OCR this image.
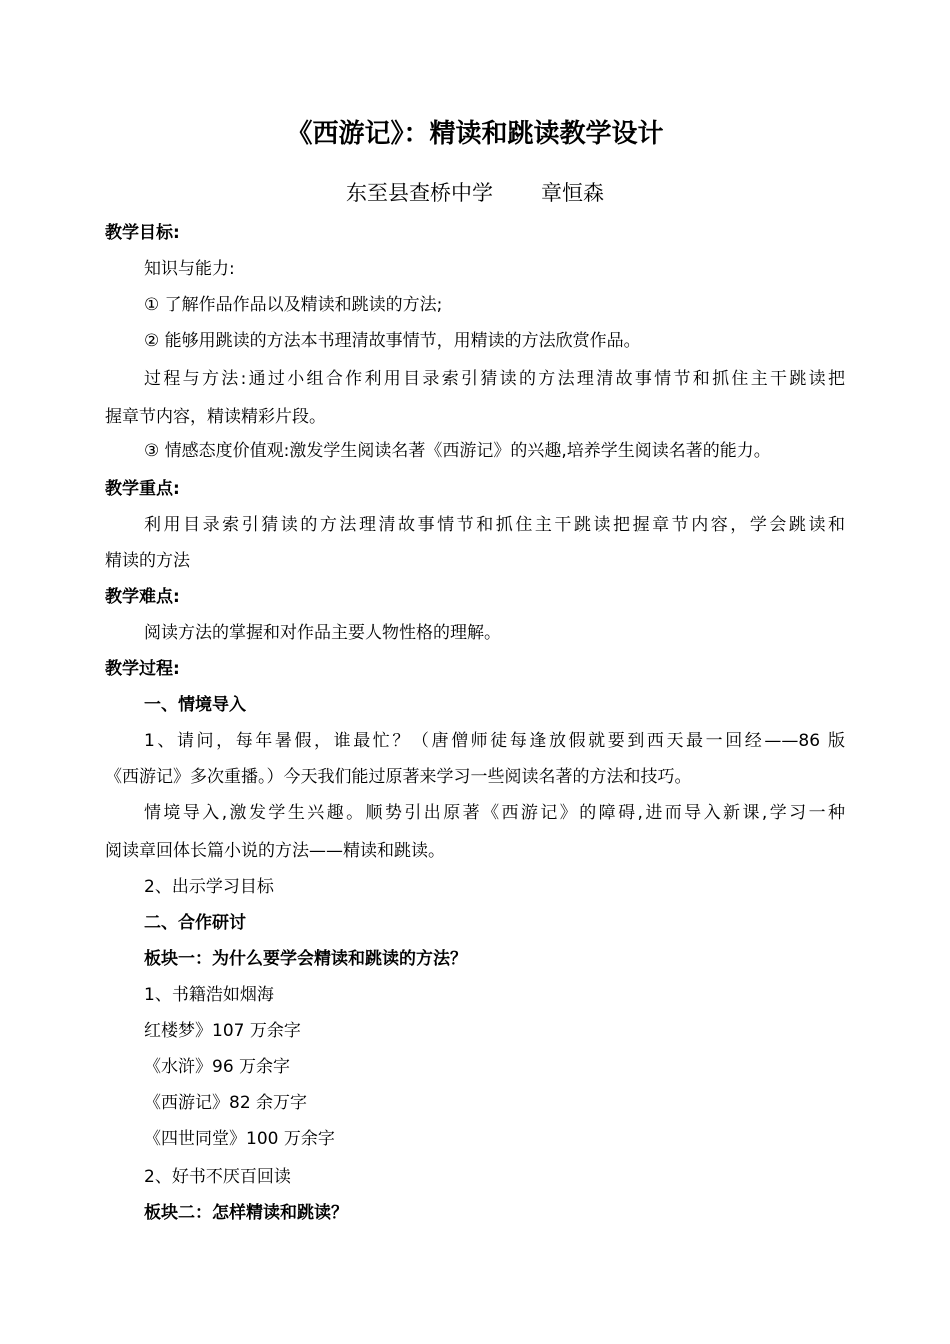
《西游记》：精读和跳读教学设计
东至县查桥中学 章恒森
教学目标:
知识与能力:
① 了解作品作品以及精读和跳读的方法;
② 能够用跳读的方法本书理清故事情节，用精读的方法欣赏作品。
过程与方法:通过小组合作利用目录索引猜读的方法理清故事情节和抓住主干跳读把
握章节内容，精读精彩片段。
③ 情感态度价值观:激发学生阅读名著《西游记》的兴趣,培养学生阅读名著的能力。
教学重点:
利用目录索引猜读的方法理清故事情节和抓住主干跳读把握章节内容，学会跳读和
精读的方法
教学难点:
阅读方法的掌握和对作品主要人物性格的理解。
教学过程:
一、情境导入
1、请问，每年暑假，谁最忙？（唐僧师徒每逢放假就要到西天最一回经——86 版
《西游记》多次重播。）今天我们能过原著来学习一些阅读名著的方法和技巧。
情境导入,激发学生兴趣。顺势引出原著《西游记》的障碍,进而导入新课,学习一种
阅读章回体长篇小说的方法——精读和跳读。
2、出示学习目标
二、合作研讨
板块一：为什么要学会精读和跳读的方法？
1、书籍浩如烟海
红楼梦》107 万余字
《水浒》96 万余字
《西游记》82 余万字
《四世同堂》100 万余字
2、好书不厌百回读
板块二：怎样精读和跳读？
